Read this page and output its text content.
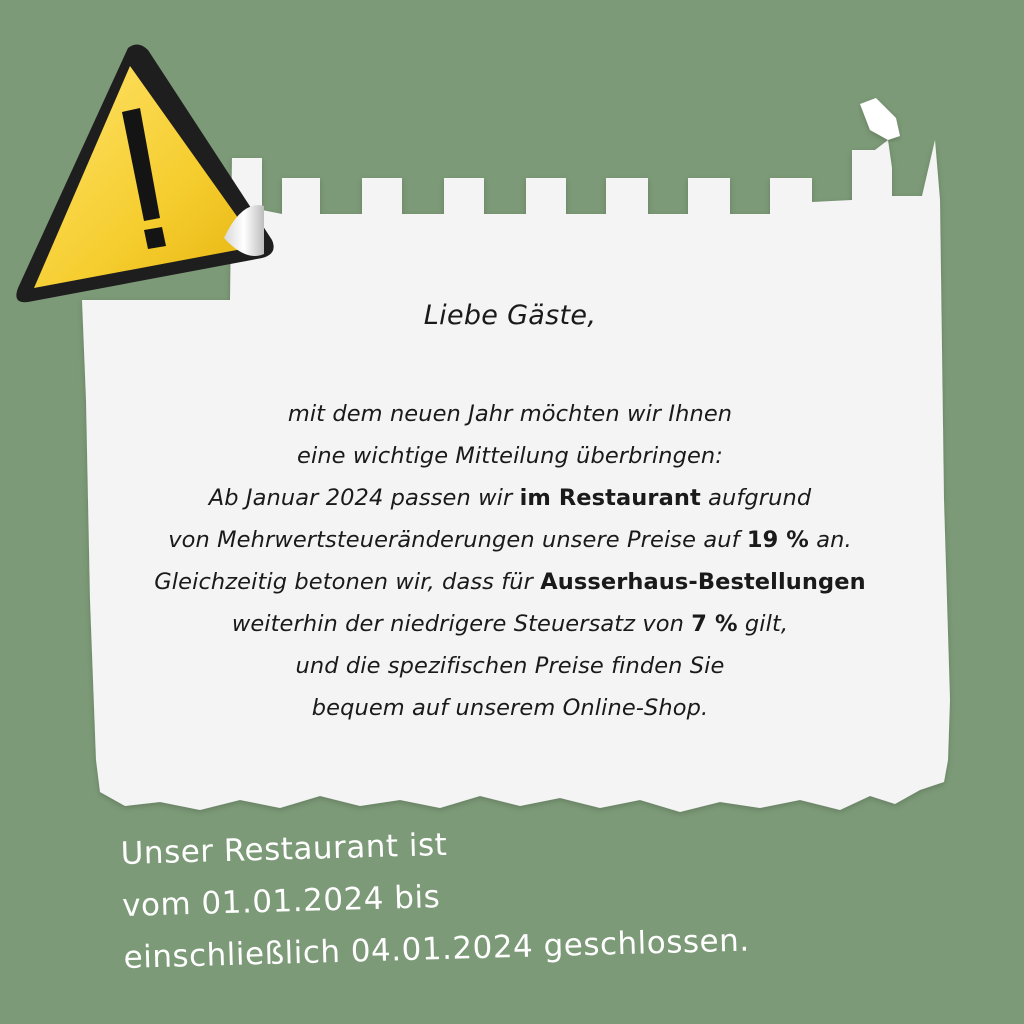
Liebe Gäste,
mit dem neuen Jahr möchten wir Ihnen
eine wichtige Mitteilung überbringen:
Ab Januar 2024 passen wir im Restaurant aufgrund
von Mehrwertsteueränderungen unsere Preise auf 19 % an.
Gleichzeitig betonen wir, dass für Ausserhaus-Bestellungen
weiterhin der niedrigere Steuersatz von 7 % gilt,
und die spezifischen Preise finden Sie
bequem auf unserem Online-Shop.
Unser Restaurant ist
vom 01.01.2024 bis
einschließlich 04.01.2024 geschlossen.
